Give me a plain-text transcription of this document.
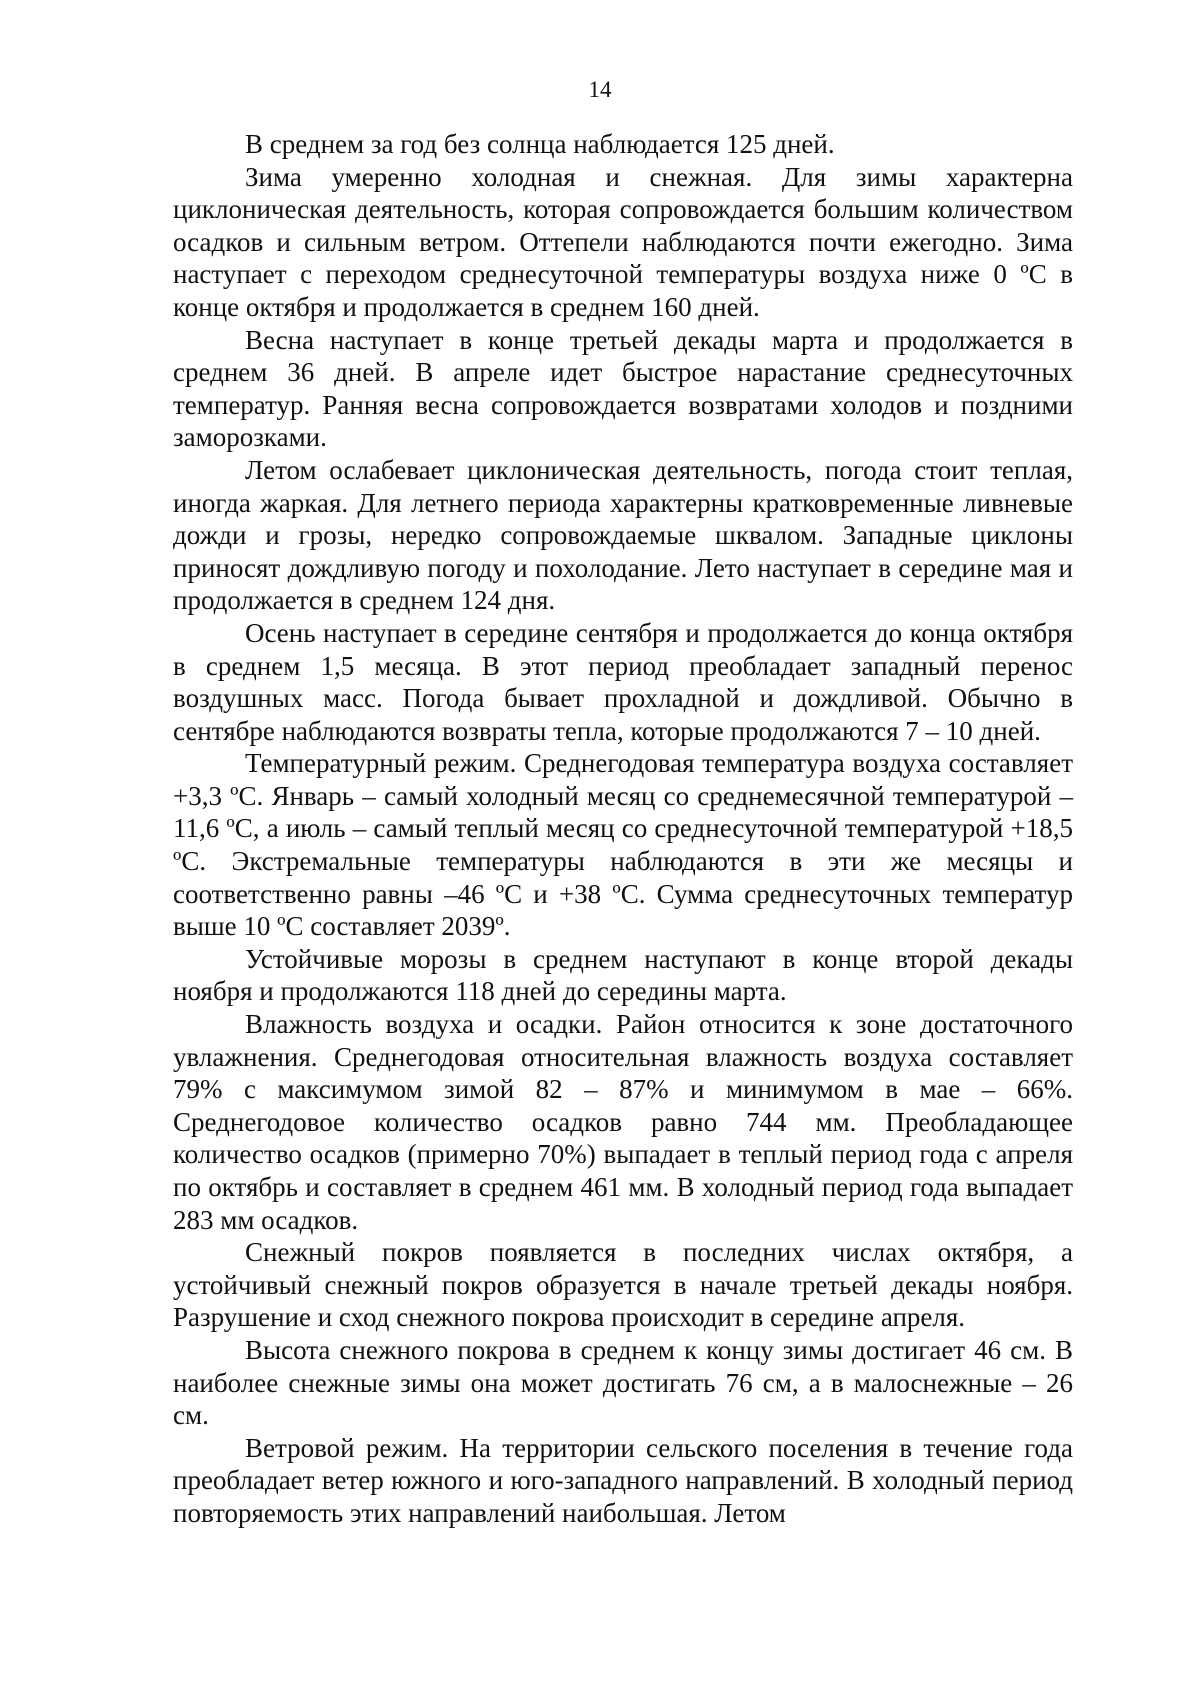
14

В среднем за год без солнца наблюдается 125 дней.

Зима умеренно холодная и снежная. Для зимы характерна циклоническая деятельность, которая сопровождается большим количеством осадков и сильным ветром. Оттепели наблюдаются почти ежегодно. Зима наступает с переходом среднесуточной температуры воздуха ниже 0 ºС в конце октября и продолжается в среднем 160 дней.

Весна наступает в конце третьей декады марта и продолжается в среднем 36 дней. В апреле идет быстрое нарастание среднесуточных температур. Ранняя весна сопровождается возвратами холодов и поздними заморозками.

Летом ослабевает циклоническая деятельность, погода стоит теплая, иногда жаркая. Для летнего периода характерны кратковременные ливневые дожди и грозы, нередко сопровождаемые шквалом. Западные циклоны приносят дождливую погоду и похолодание. Лето наступает в середине мая и продолжается в среднем 124 дня.

Осень наступает в середине сентября и продолжается до конца октября в среднем 1,5 месяца. В этот период преобладает западный перенос воздушных масс. Погода бывает прохладной и дождливой. Обычно в сентябре наблюдаются возвраты тепла, которые продолжаются 7 – 10 дней.

Температурный режим. Среднегодовая температура воздуха составляет +3,3 ºС. Январь – самый холодный месяц со среднемесячной температурой –11,6 ºС, а июль – самый теплый месяц со среднесуточной температурой +18,5 ºС. Экстремальные температуры наблюдаются в эти же месяцы и соответственно равны –46 ºС и +38 ºС. Сумма среднесуточных температур выше 10 ºС составляет 2039º.

Устойчивые морозы в среднем наступают в конце второй декады ноября и продолжаются 118 дней до середины марта.

Влажность воздуха и осадки. Район относится к зоне достаточного увлажнения. Среднегодовая относительная влажность воздуха составляет 79% с максимумом зимой 82 – 87% и минимумом в мае – 66%. Среднегодовое количество осадков равно 744 мм. Преобладающее количество осадков (примерно 70%) выпадает в теплый период года с апреля по октябрь и составляет в среднем 461 мм. В холодный период года выпадает 283 мм осадков.

Снежный покров появляется в последних числах октября, а устойчивый снежный покров образуется в начале третьей декады ноября. Разрушение и сход снежного покрова происходит в середине апреля.

Высота снежного покрова в среднем к концу зимы достигает 46 см. В наиболее снежные зимы она может достигать 76 см, а в малоснежные – 26 см.

Ветровой режим. На территории сельского поселения в течение года преобладает ветер южного и юго-западного направлений. В холодный период повторяемость этих направлений наибольшая. Летом
